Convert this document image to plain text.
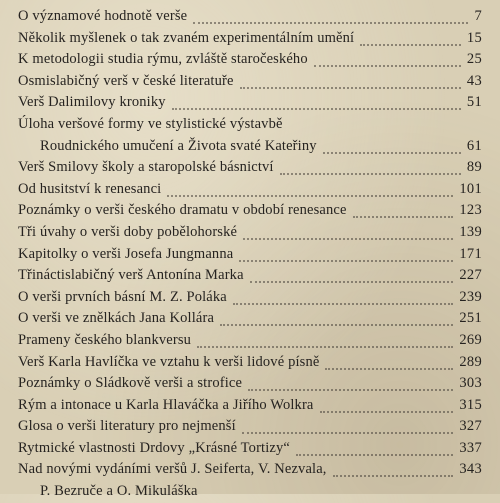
O významové hodnotě verše	7
Několik myšlenek o tak zvaném experimentálním umění	15
K metodologii studia rýmu, zvláště staročeského	25
Osmislabičný verš v české literatuře	43
Verš Dalimilovy kroniky	51
Úloha veršové formy ve stylistické výstavbě
Roudnického umučení a Života svaté Kateřiny	61
Verš Smilovy školy a staropolské básnictví	89
Od husitství k renesanci	101
Poznámky o verši českého dramatu v období renesance	123
Tři úvahy o verši doby pobělohorské	139
Kapitolky o verši Josefa Jungmanna	171
Třináctislabičný verš Antonína Marka	227
O verši prvních básní M. Z. Poláka	239
O verši ve znělkách Jana Kollára	251
Prameny českého blankversu	269
Verš Karla Havlíčka ve vztahu k verši lidové písně	289
Poznámky o Sládkově verši a strofice	303
Rým a intonace u Karla Hlaváčka a Jiřího Wolkra	315
Glosa o verši literatury pro nejmenší	327
Rytmické vlastnosti Drdovy „Krásné Tortizy“	337
Nad novými vydáními veršů J. Seiferta, V. Nezvala,	343
P. Bezruče a O. Mikuláška
